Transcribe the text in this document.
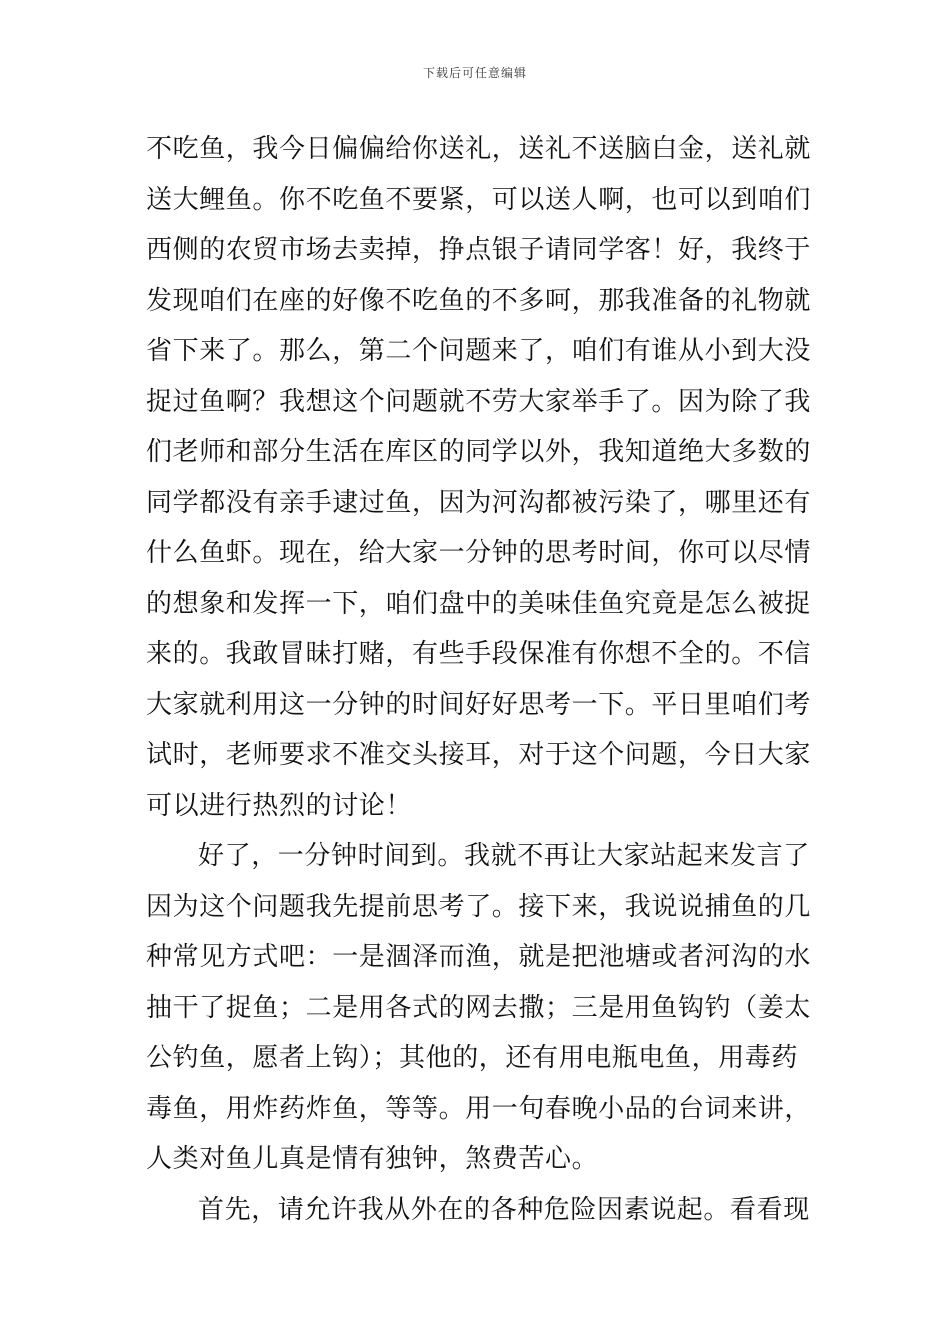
下载后可任意编辑
不吃鱼，我今日偏偏给你送礼，送礼不送脑白金，送礼就
送大鲤鱼。你不吃鱼不要紧，可以送人啊，也可以到咱们
西侧的农贸市场去卖掉，挣点银子请同学客！好，我终于
发现咱们在座的好像不吃鱼的不多呵，那我准备的礼物就
省下来了。那么，第二个问题来了，咱们有谁从小到大没
捉过鱼啊？我想这个问题就不劳大家举手了。因为除了我
们老师和部分生活在库区的同学以外，我知道绝大多数的
同学都没有亲手逮过鱼，因为河沟都被污染了，哪里还有
什么鱼虾。现在，给大家一分钟的思考时间，你可以尽情
的想象和发挥一下，咱们盘中的美味佳鱼究竟是怎么被捉
来的。我敢冒昧打赌，有些手段保准有你想不全的。不信
大家就利用这一分钟的时间好好思考一下。平日里咱们考
试时，老师要求不准交头接耳，对于这个问题，今日大家
可以进行热烈的讨论！
好了，一分钟时间到。我就不再让大家站起来发言了
因为这个问题我先提前思考了。接下来，我说说捕鱼的几
种常见方式吧：一是涸泽而渔，就是把池塘或者河沟的水
抽干了捉鱼；二是用各式的网去撒；三是用鱼钩钓（姜太
公钓鱼，愿者上钩）；其他的，还有用电瓶电鱼，用毒药
毒鱼，用炸药炸鱼，等等。用一句春晚小品的台词来讲，
人类对鱼儿真是情有独钟，煞费苦心。
首先，请允许我从外在的各种危险因素说起。看看现
